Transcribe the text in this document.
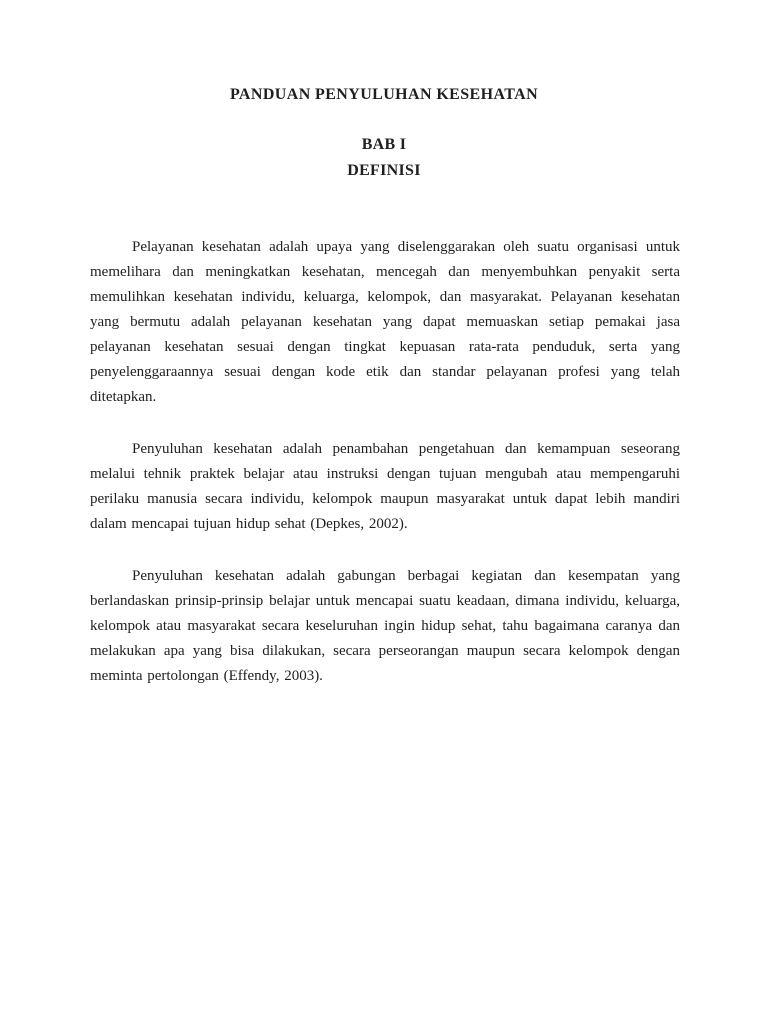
PANDUAN PENYULUHAN KESEHATAN
BAB I
DEFINISI

Pelayanan kesehatan adalah upaya yang diselenggarakan oleh suatu organisasi untuk memelihara dan meningkatkan kesehatan, mencegah dan menyembuhkan penyakit serta memulihkan kesehatan individu, keluarga, kelompok, dan masyarakat. Pelayanan kesehatan yang bermutu adalah pelayanan kesehatan yang dapat memuaskan setiap pemakai jasa pelayanan kesehatan sesuai dengan tingkat kepuasan rata-rata penduduk, serta yang penyelenggaraannya sesuai dengan kode etik dan standar pelayanan profesi yang telah ditetapkan.

Penyuluhan kesehatan adalah penambahan pengetahuan dan kemampuan seseorang melalui tehnik praktek belajar atau instruksi dengan tujuan mengubah atau mempengaruhi perilaku manusia secara individu, kelompok maupun masyarakat untuk dapat lebih mandiri dalam mencapai tujuan hidup sehat (Depkes, 2002).

Penyuluhan kesehatan adalah gabungan berbagai kegiatan dan kesempatan yang berlandaskan prinsip-prinsip belajar untuk mencapai suatu keadaan, dimana individu, keluarga, kelompok atau masyarakat secara keseluruhan ingin hidup sehat, tahu bagaimana caranya dan melakukan apa yang bisa dilakukan, secara perseorangan maupun secara kelompok dengan meminta pertolongan (Effendy, 2003).
